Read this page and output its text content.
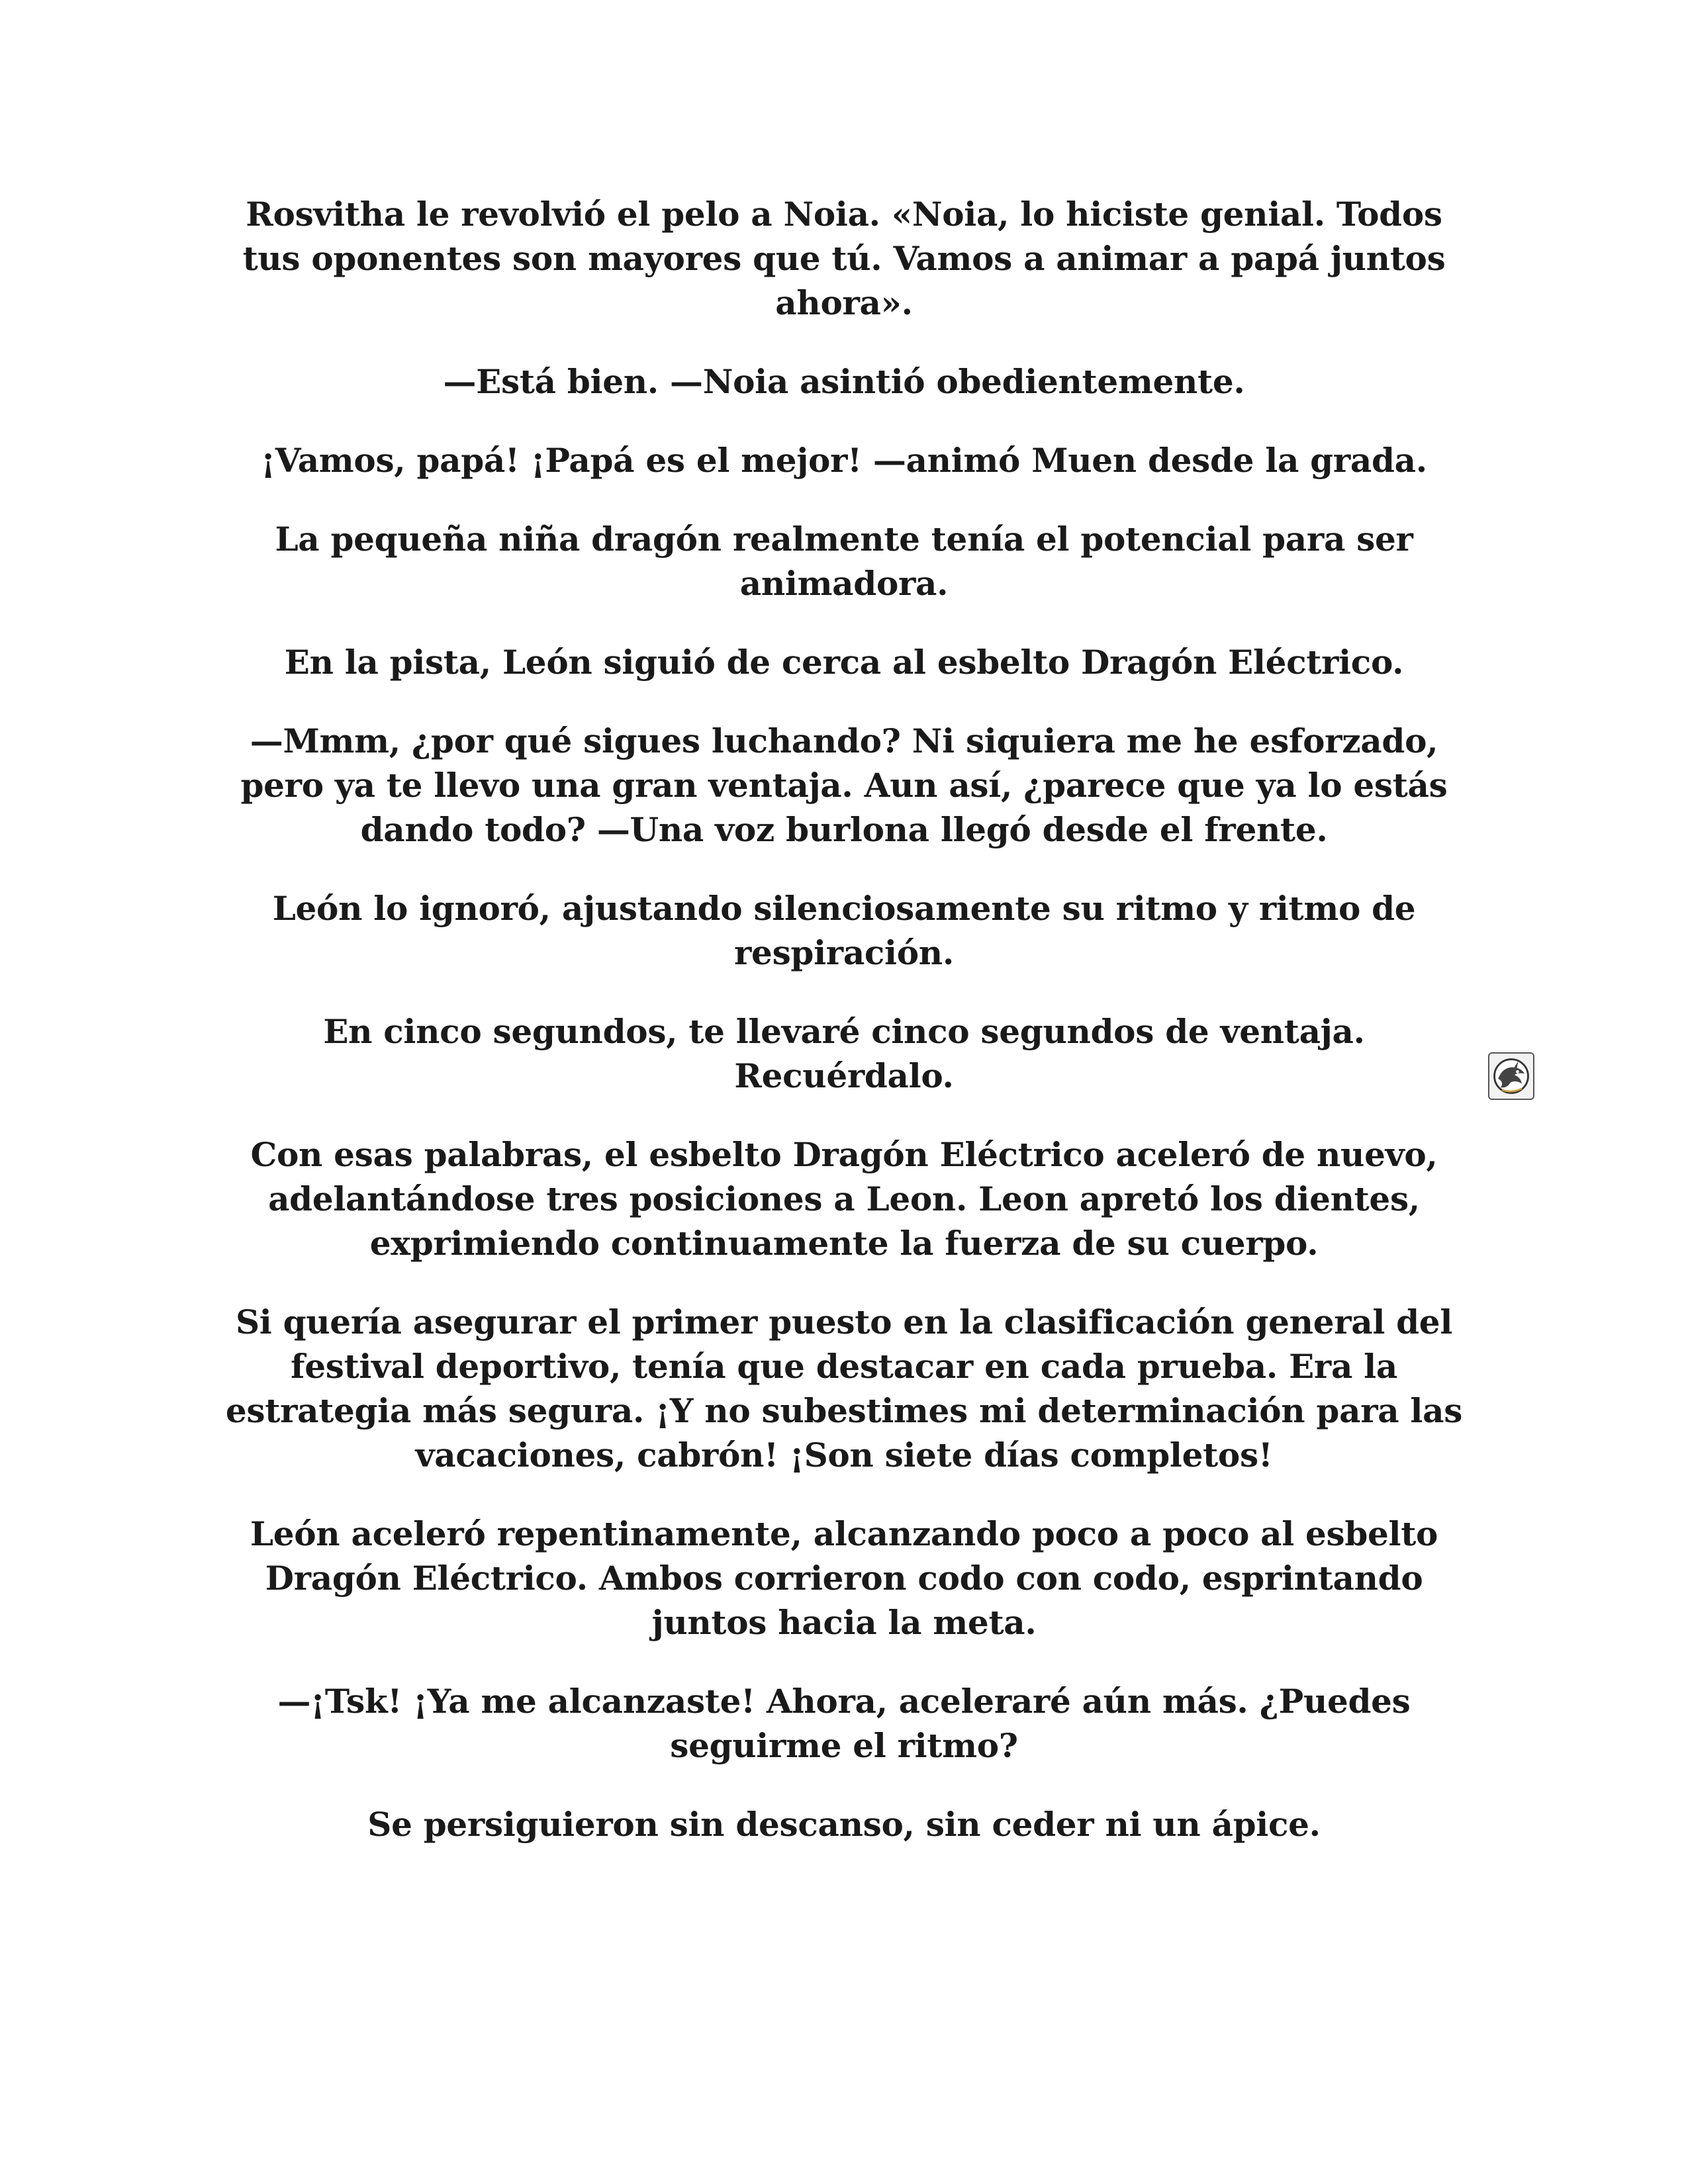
Rosvitha le revolvió el pelo a Noia. «Noia, lo hiciste genial. Todos tus oponentes son mayores que tú. Vamos a animar a papá juntos ahora».

—Está bien. —Noia asintió obedientemente.

¡Vamos, papá! ¡Papá es el mejor! —animó Muen desde la grada.

La pequeña niña dragón realmente tenía el potencial para ser animadora.

En la pista, León siguió de cerca al esbelto Dragón Eléctrico.

—Mmm, ¿por qué sigues luchando? Ni siquiera me he esforzado, pero ya te llevo una gran ventaja. Aun así, ¿parece que ya lo estás dando todo? —Una voz burlona llegó desde el frente.

León lo ignoró, ajustando silenciosamente su ritmo y ritmo de respiración.

En cinco segundos, te llevaré cinco segundos de ventaja. Recuérdalo.

Con esas palabras, el esbelto Dragón Eléctrico aceleró de nuevo, adelantándose tres posiciones a Leon. Leon apretó los dientes, exprimiendo continuamente la fuerza de su cuerpo.

Si quería asegurar el primer puesto en la clasificación general del festival deportivo, tenía que destacar en cada prueba. Era la estrategia más segura. ¡Y no subestimes mi determinación para las vacaciones, cabrón! ¡Son siete días completos!

León aceleró repentinamente, alcanzando poco a poco al esbelto Dragón Eléctrico. Ambos corrieron codo con codo, esprintando juntos hacia la meta.

—¡Tsk! ¡Ya me alcanzaste! Ahora, aceleraré aún más. ¿Puedes seguirme el ritmo?

Se persiguieron sin descanso, sin ceder ni un ápice.
